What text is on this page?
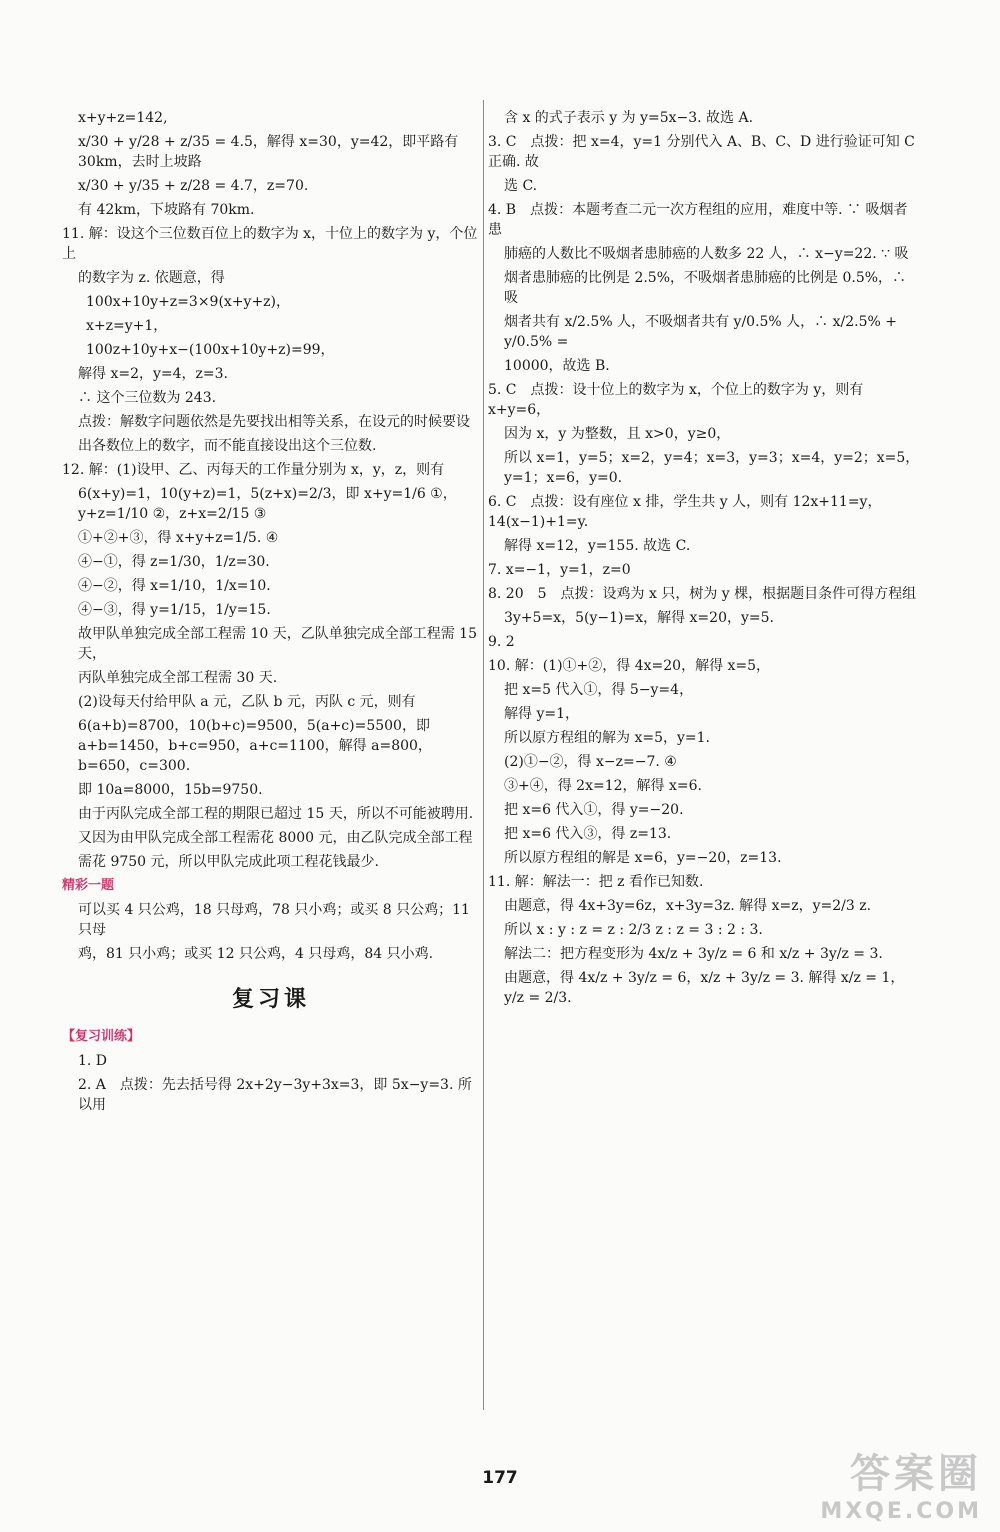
x+y+z=142,
x/30 + y/28 + z/35 = 4.5，解得 x=30，y=42，即平路有 30km，去时上坡路
x/30 + y/35 + z/28 = 4.7，z=70.
有 42km，下坡路有 70km.
11. 解：设这个三位数百位上的数字为 x，十位上的数字为 y，个位上
的数字为 z. 依题意，得
100x+10y+z=3×9(x+y+z)，
x+z=y+1，
100z+10y+x−(100x+10y+z)=99，
解得 x=2，y=4，z=3.
∴ 这个三位数为 243.
点拨：解数字问题依然是先要找出相等关系，在设元的时候要设
出各数位上的数字，而不能直接设出这个三位数.
12. 解：(1)设甲、乙、丙每天的工作量分别为 x，y，z，则有
6(x+y)=1，10(y+z)=1，5(z+x)=2/3，即 x+y=1/6 ①，y+z=1/10 ②，z+x=2/15 ③
①+②+③，得 x+y+z=1/5. ④
④−①，得 z=1/30，1/z=30.
④−②，得 x=1/10，1/x=10.
④−③，得 y=1/15，1/y=15.
故甲队单独完成全部工程需 10 天，乙队单独完成全部工程需 15 天，
丙队单独完成全部工程需 30 天.
(2)设每天付给甲队 a 元，乙队 b 元，丙队 c 元，则有
6(a+b)=8700，10(b+c)=9500，5(a+c)=5500，即 a+b=1450，b+c=950，a+c=1100，解得 a=800，b=650，c=300.
即 10a=8000，15b=9750.
由于丙队完成全部工程的期限已超过 15 天，所以不可能被聘用.
又因为由甲队完成全部工程需花 8000 元，由乙队完成全部工程
需花 9750 元，所以甲队完成此项工程花钱最少.
精彩一题
可以买 4 只公鸡，18 只母鸡，78 只小鸡；或买 8 只公鸡；11 只母
鸡，81 只小鸡；或买 12 只公鸡，4 只母鸡，84 只小鸡.
复习课
【复习训练】
1. D
2. A　点拨：先去括号得 2x+2y−3y+3x=3，即 5x−y=3. 所以用
含 x 的式子表示 y 为 y=5x−3. 故选 A.
3. C　点拨：把 x=4，y=1 分别代入 A、B、C、D 进行验证可知 C 正确. 故
选 C.
4. B　点拨：本题考查二元一次方程组的应用，难度中等. ∵ 吸烟者患
肺癌的人数比不吸烟者患肺癌的人数多 22 人，∴ x−y=22. ∵ 吸
烟者患肺癌的比例是 2.5%，不吸烟者患肺癌的比例是 0.5%，∴ 吸
烟者共有 x/2.5% 人，不吸烟者共有 y/0.5% 人，∴ x/2.5% + y/0.5% =
10000，故选 B.
5. C　点拨：设十位上的数字为 x，个位上的数字为 y，则有 x+y=6，
因为 x，y 为整数，且 x>0，y≥0，
所以 x=1，y=5；x=2，y=4；x=3，y=3；x=4，y=2；x=5，y=1；x=6，y=0.
6. C　点拨：设有座位 x 排，学生共 y 人，则有 12x+11=y，14(x−1)+1=y.
解得 x=12，y=155. 故选 C.
7. x=−1，y=1，z=0
8. 20　5　点拨：设鸡为 x 只，树为 y 棵，根据题目条件可得方程组
3y+5=x，5(y−1)=x，解得 x=20，y=5.
9. 2
10. 解：(1)①+②，得 4x=20，解得 x=5，
把 x=5 代入①，得 5−y=4，
解得 y=1，
所以原方程组的解为 x=5，y=1.
(2)①−②，得 x−z=−7. ④
③+④，得 2x=12，解得 x=6.
把 x=6 代入①，得 y=−20.
把 x=6 代入③，得 z=13.
所以原方程组的解是 x=6，y=−20，z=13.
11. 解：解法一：把 z 看作已知数.
由题意，得 4x+3y=6z，x+3y=3z. 解得 x=z，y=2/3 z.
所以 x : y : z = z : 2/3 z : z = 3 : 2 : 3.
解法二：把方程变形为 4x/z + 3y/z = 6 和 x/z + 3y/z = 3.
由题意，得 4x/z + 3y/z = 6，x/z + 3y/z = 3. 解得 x/z = 1，y/z = 2/3.
177	答案圈
MXQE.COM
